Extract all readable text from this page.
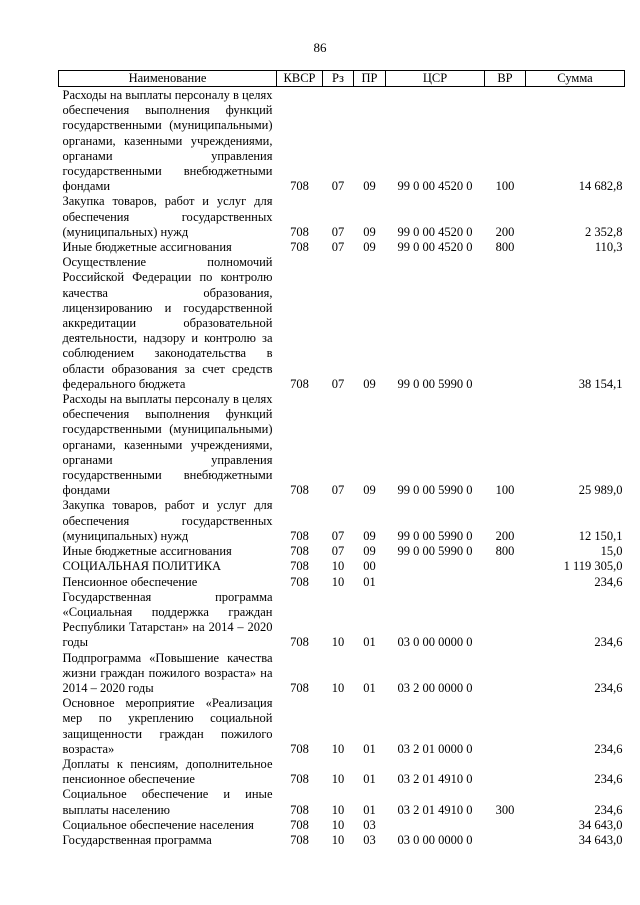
86
Наименование	КВСР	Рз	ПР	ЦСР	ВР	Сумма
Расходы на выплаты персоналу в целях обеспечения выполнения функций государственными (муниципальными) органами, казенными учреждениями, органами управления государственными внебюджетными фондами	708	07	09	99 0 00 4520 0	100	14 682,8
Закупка товаров, работ и услуг для обеспечения государственных (муниципальных) нужд	708	07	09	99 0 00 4520 0	200	2 352,8
Иные бюджетные ассигнования	708	07	09	99 0 00 4520 0	800	110,3
Осуществление полномочий Российской Федерации по контролю качества образования, лицензированию и государственной аккредитации образовательной деятельности, надзору и контролю за соблюдением законодательства в области образования за счет средств федерального бюджета	708	07	09	99 0 00 5990 0		38 154,1
Расходы на выплаты персоналу в целях обеспечения выполнения функций государственными (муниципальными) органами, казенными учреждениями, органами управления государственными внебюджетными фондами	708	07	09	99 0 00 5990 0	100	25 989,0
Закупка товаров, работ и услуг для обеспечения государственных (муниципальных) нужд	708	07	09	99 0 00 5990 0	200	12 150,1
Иные бюджетные ассигнования	708	07	09	99 0 00 5990 0	800	15,0
СОЦИАЛЬНАЯ ПОЛИТИКА	708	10	00			1 119 305,0
Пенсионное обеспечение	708	10	01			234,6
Государственная программа «Социальная поддержка граждан Республики Татарстан» на 2014 – 2020 годы	708	10	01	03 0 00 0000 0		234,6
Подпрограмма «Повышение качества жизни граждан пожилого возраста» на 2014 – 2020 годы	708	10	01	03 2 00 0000 0		234,6
Основное мероприятие «Реализация мер по укреплению социальной защищенности граждан пожилого возраста»	708	10	01	03 2 01 0000 0		234,6
Доплаты к пенсиям, дополнительное пенсионное обеспечение	708	10	01	03 2 01 4910 0		234,6
Социальное обеспечение и иные выплаты населению	708	10	01	03 2 01 4910 0	300	234,6
Социальное обеспечение населения	708	10	03			34 643,0
Государственная программа	708	10	03	03 0 00 0000 0		34 643,0
